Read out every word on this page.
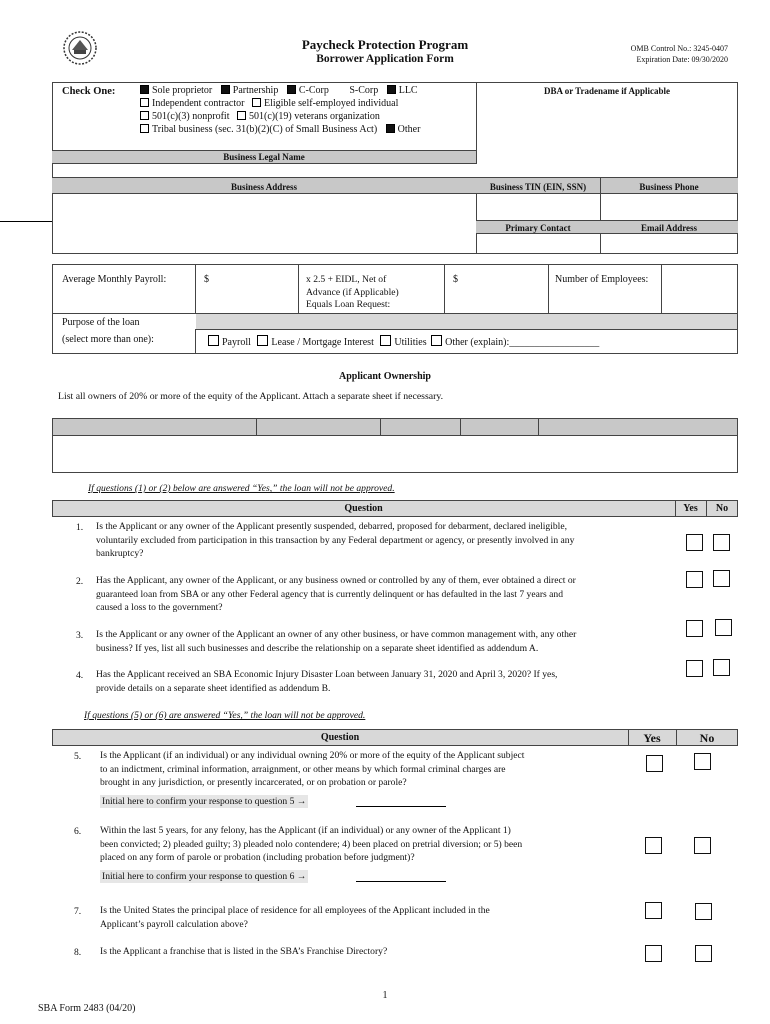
Paycheck Protection Program
Borrower Application Form
OMB Control No.: 3245-0407
Expiration Date: 09/30/2020
Check One:	Sole proprietor Partnership C-Corp S-Corp LLC
Independent contractor Eligible self-employed individual
501(c)(3) nonprofit 501(c)(19) veterans organization
Tribal business (sec. 31(b)(2)(C) of Small Business Act) Other
DBA or Tradename if Applicable
Business Legal Name
Business Address	Business TIN (EIN, SSN)	Business Phone
Primary Contact	Email Address
Average Monthly Payroll:	$	x 2.5 + EIDL, Net of
Advance (if Applicable)
Equals Loan Request:
$	Number of Employees:
Purpose of the loan
(select more than one):	Payroll Lease / Mortgage Interest Utilities Other (explain):__________________
Applicant Ownership
List all owners of 20% or more of the equity of the Applicant. Attach a separate sheet if necessary.
If questions (1) or (2) below are answered “Yes,” the loan will not be approved.
Question	Yes	No
1. Is the Applicant or any owner of the Applicant presently suspended, debarred, proposed for debarment, declared ineligible,
voluntarily excluded from participation in this transaction by any Federal department or agency, or presently involved in any
bankruptcy?
2. Has the Applicant, any owner of the Applicant, or any business owned or controlled by any of them, ever obtained a direct or
guaranteed loan from SBA or any other Federal agency that is currently delinquent or has defaulted in the last 7 years and
caused a loss to the government?
3. Is the Applicant or any owner of the Applicant an owner of any other business, or have common management with, any other
business? If yes, list all such businesses and describe the relationship on a separate sheet identified as addendum A.
4. Has the Applicant received an SBA Economic Injury Disaster Loan between January 31, 2020 and April 3, 2020? If yes,
provide details on a separate sheet identified as addendum B.
If questions (5) or (6) are answered “Yes,” the loan will not be approved.
Question	Yes	No
5. Is the Applicant (if an individual) or any individual owning 20% or more of the equity of the Applicant subject
to an indictment, criminal information, arraignment, or other means by which formal criminal charges are
brought in any jurisdiction, or presently incarcerated, or on probation or parole?
Initial here to confirm your response to question 5 →
6. Within the last 5 years, for any felony, has the Applicant (if an individual) or any owner of the Applicant 1)
been convicted; 2) pleaded guilty; 3) pleaded nolo contendere; 4) been placed on pretrial diversion; or 5) been
placed on any form of parole or probation (including probation before judgment)?
Initial here to confirm your response to question 6 →
7. Is the United States the principal place of residence for all employees of the Applicant included in the
Applicant’s payroll calculation above?
8. Is the Applicant a franchise that is listed in the SBA’s Franchise Directory?
1
SBA Form 2483 (04/20)
